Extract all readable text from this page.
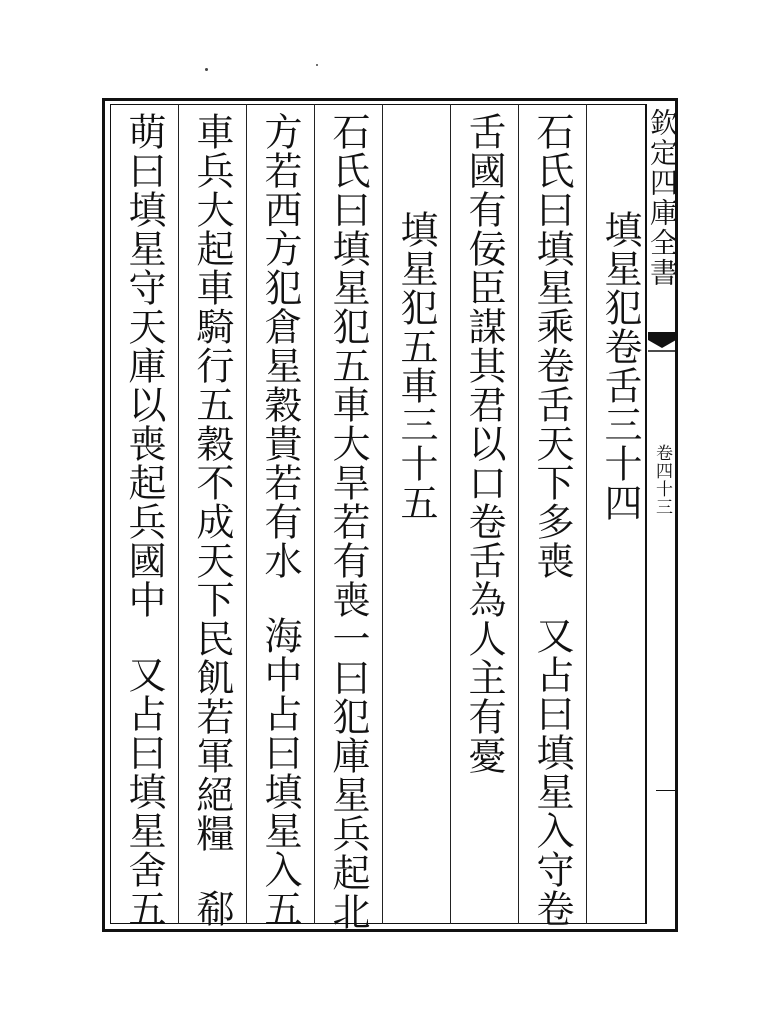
填星犯卷舌三十四
石氏曰填星乘卷舌天下多喪又占曰填星入守卷
舌國有佞臣謀其君以口卷舌為人主有憂
填星犯五車三十五
石氏曰填星犯五車大旱若有喪一曰犯庫星兵起北
方若西方犯倉星穀貴若有水海中占曰填星入五
車兵大起車騎行五穀不成天下民飢若軍絕糧郗
萌曰填星守天庫以喪起兵國中又占曰填星舍五
欽定四庫全書
卷四十三
